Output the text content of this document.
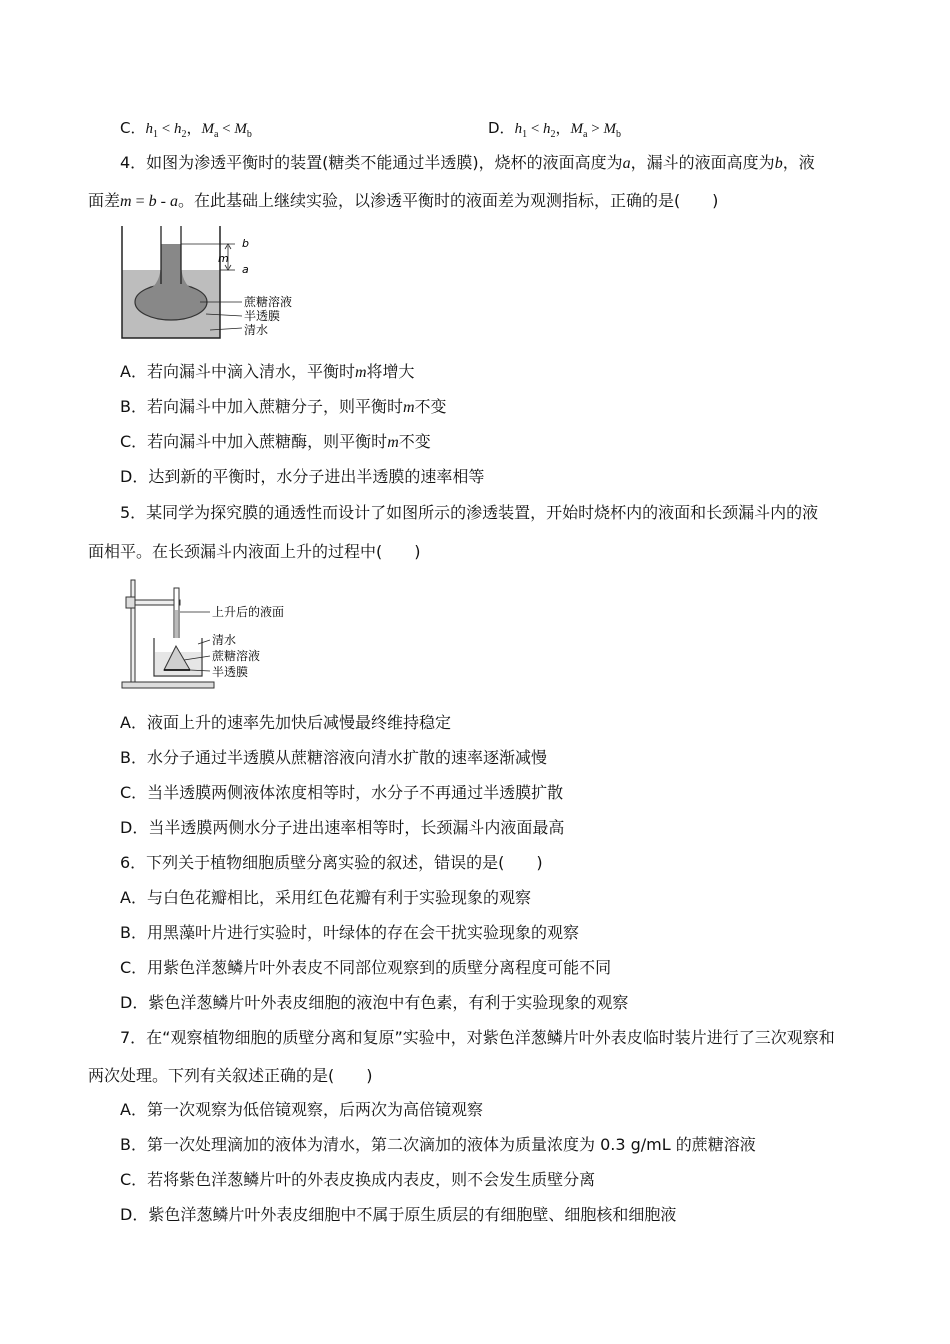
C．$h_1 < h_2$，$M_a < M_b$	D．$h_1 < h_2$，$M_a > M_b$
4．如图为渗透平衡时的装置(糖类不能通过半透膜)，烧杯的液面高度为a，漏斗的液面高度为b，液
面差m = b - a。在此基础上继续实验，以渗透平衡时的液面差为观测指标，正确的是(　　)
b
m
a
蔗糖溶液
半透膜
清水
A．若向漏斗中滴入清水，平衡时m将增大
B．若向漏斗中加入蔗糖分子，则平衡时m不变
C．若向漏斗中加入蔗糖酶，则平衡时m不变
D．达到新的平衡时，水分子进出半透膜的速率相等
5．某同学为探究膜的通透性而设计了如图所示的渗透装置，开始时烧杯内的液面和长颈漏斗内的液
面相平。在长颈漏斗内液面上升的过程中(　　)
上升后的液面
清水
蔗糖溶液
半透膜
A．液面上升的速率先加快后减慢最终维持稳定
B．水分子通过半透膜从蔗糖溶液向清水扩散的速率逐渐减慢
C．当半透膜两侧液体浓度相等时，水分子不再通过半透膜扩散
D．当半透膜两侧水分子进出速率相等时，长颈漏斗内液面最高
6．下列关于植物细胞质壁分离实验的叙述，错误的是(　　)
A．与白色花瓣相比，采用红色花瓣有利于实验现象的观察
B．用黑藻叶片进行实验时，叶绿体的存在会干扰实验现象的观察
C．用紫色洋葱鳞片叶外表皮不同部位观察到的质壁分离程度可能不同
D．紫色洋葱鳞片叶外表皮细胞的液泡中有色素，有利于实验现象的观察
7．在“观察植物细胞的质壁分离和复原”实验中，对紫色洋葱鳞片叶外表皮临时装片进行了三次观察和
两次处理。下列有关叙述正确的是(　　)
A．第一次观察为低倍镜观察，后两次为高倍镜观察
B．第一次处理滴加的液体为清水，第二次滴加的液体为质量浓度为 0.3 g/mL 的蔗糖溶液
C．若将紫色洋葱鳞片叶的外表皮换成内表皮，则不会发生质壁分离
D．紫色洋葱鳞片叶外表皮细胞中不属于原生质层的有细胞壁、细胞核和细胞液
